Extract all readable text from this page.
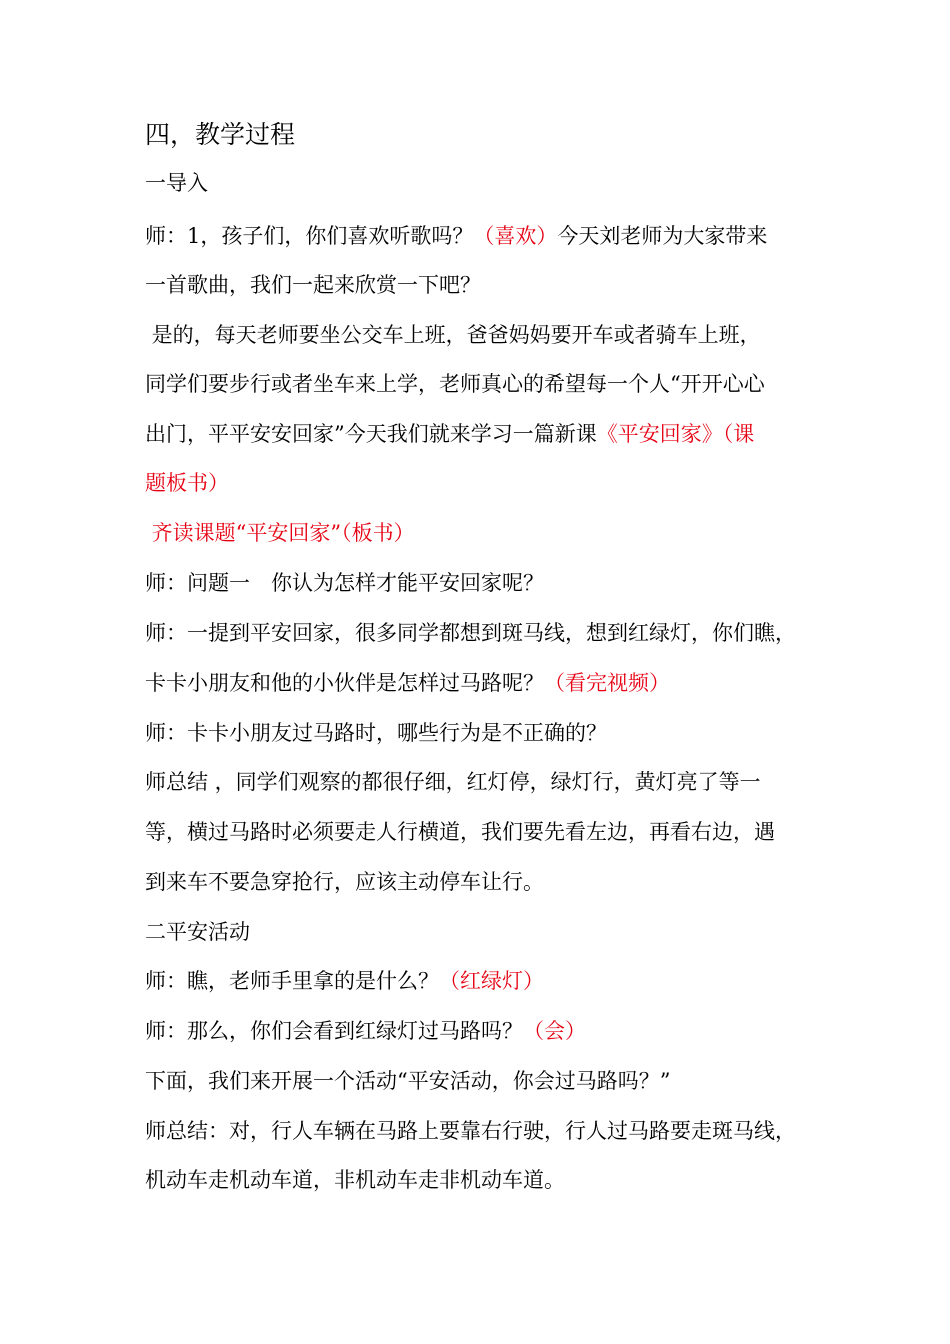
四，教学过程
一导入
师：1，孩子们，你们喜欢听歌吗？（喜欢）今天刘老师为大家带来
一首歌曲，我们一起来欣赏一下吧？
是的，每天老师要坐公交车上班，爸爸妈妈要开车或者骑车上班，
同学们要步行或者坐车来上学，老师真心的希望每一个人“开开心心
出门，平平安安回家”今天我们就来学习一篇新课《平安回家》（课
题板书）
齐读课题“平安回家”（板书）
师：问题一　你认为怎样才能平安回家呢？
师：一提到平安回家，很多同学都想到斑马线，想到红绿灯，你们瞧，
卡卡小朋友和他的小伙伴是怎样过马路呢？（看完视频）
师：卡卡小朋友过马路时，哪些行为是不正确的？
师总结 ，同学们观察的都很仔细，红灯停，绿灯行，黄灯亮了等一
等，横过马路时必须要走人行横道，我们要先看左边，再看右边，遇
到来车不要急穿抢行，应该主动停车让行。
二平安活动
师：瞧，老师手里拿的是什么？（红绿灯）
师：那么，你们会看到红绿灯过马路吗？（会）
下面，我们来开展一个活动“平安活动，你会过马路吗？”
师总结：对，行人车辆在马路上要靠右行驶，行人过马路要走斑马线，
机动车走机动车道，非机动车走非机动车道。
